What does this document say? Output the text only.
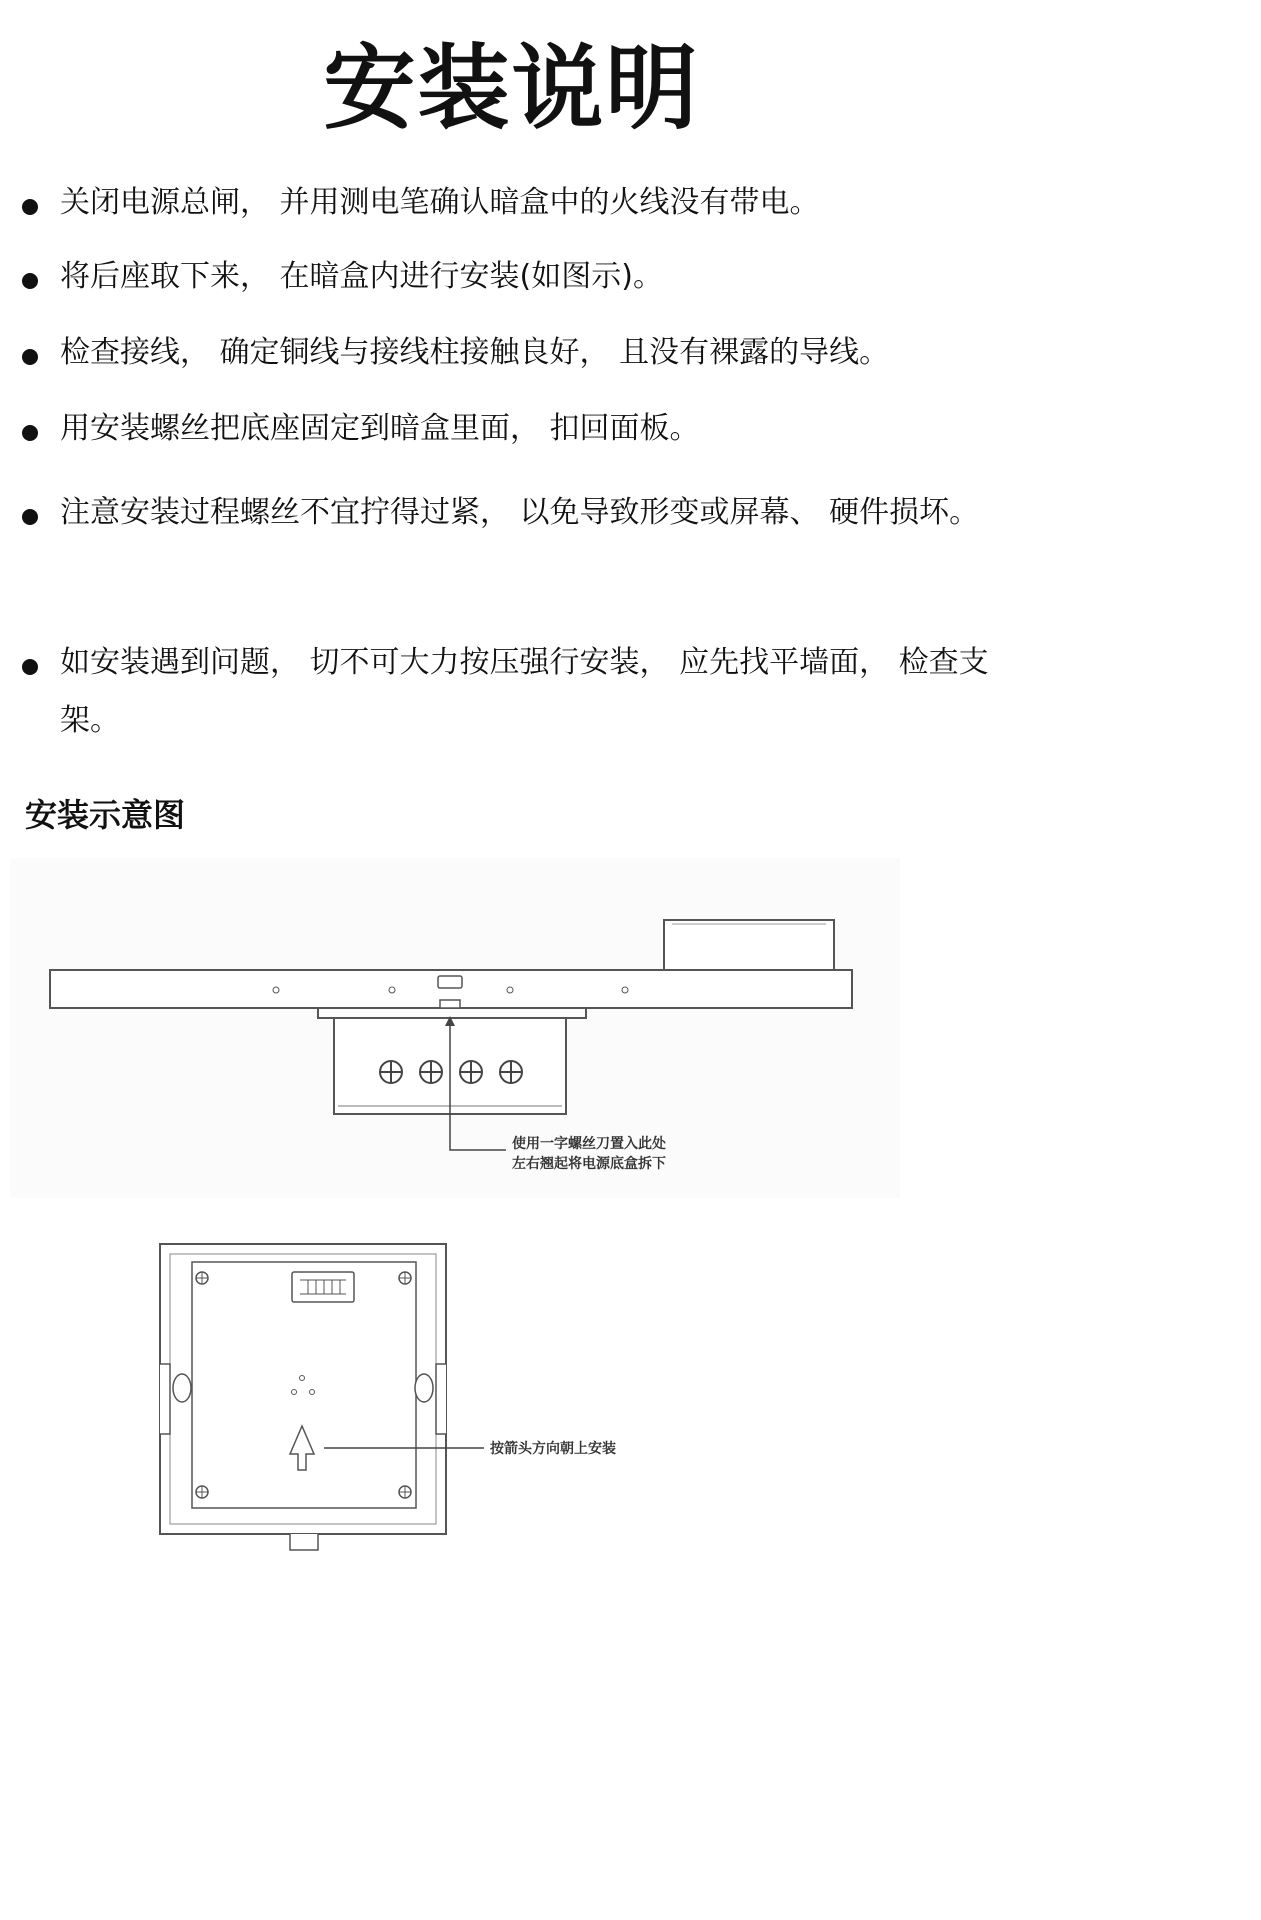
安装说明
关闭电源总闸， 并用测电笔确认暗盒中的火线没有带电。
将后座取下来， 在暗盒内进行安装(如图示)。
检查接线， 确定铜线与接线柱接触良好， 且没有裸露的导线。
用安装螺丝把底座固定到暗盒里面， 扣回面板。
注意安装过程螺丝不宜拧得过紧， 以免导致形变或屏幕、 硬件损坏。
如安装遇到问题， 切不可大力按压强行安装， 应先找平墙面， 检查支架。
安装示意图
使用一字螺丝刀置入此处
左右翘起将电源底盒拆下
按箭头方向朝上安装
